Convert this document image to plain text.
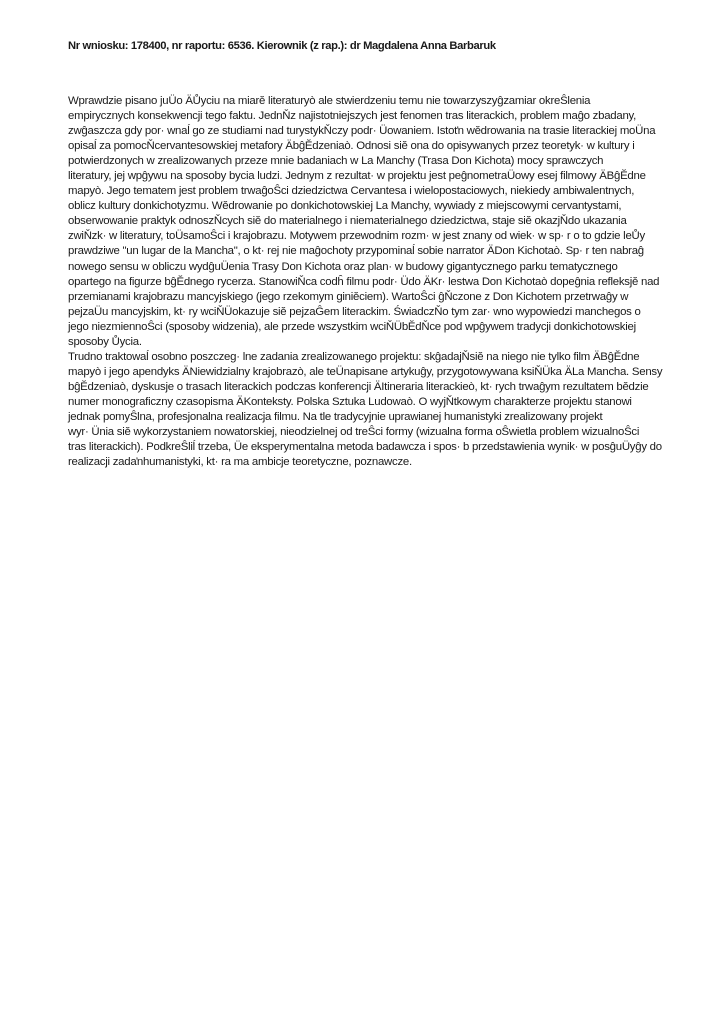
Nr wniosku: 178400, nr raportu: 6536. Kierownik (z rap.): dr Magdalena Anna Barbaruk
Wprawdzie pisano juÜo ÄŮyciu na miarĕ literaturyò ale stwierdzeniu temu nie towarzyszyĝzamiar okreŜlenia
empirycznych konsekwencji tego faktu. JednŇz najistotniejszych jest fenomen tras literackich, problem maĝo zbadany,
zwĝaszcza gdy por· wnaĺ go ze studiami nad turystykŇczy podr· Üowaniem. Istotŉ wĕdrowania na trasie literackiej moÜna
opisaĺ za pomocŇcervantesowskiej metafory ÄbĝĔdzeniaò. Odnosi siĕ ona do opisywanych przez teoretyk· w kultury i
potwierdzonych w zrealizowanych przeze mnie badaniach w La Manchy (Trasa Don Kichota) mocy sprawczych
literatury, jej wpĝywu na sposoby bycia ludzi. Jednym z rezultat· w projektu jest peĝnometraÜowy esej filmowy ÄBĝĔdne
mapyò. Jego tematem jest problem trwaĝoŜci dziedzictwa Cervantesa i wielopostaciowych, niekiedy ambiwalentnych,
oblicz kultury donkichotyzmu. Wĕdrowanie po donkichotowskiej La Manchy, wywiady z miejscowymi cervantystami,
obserwowanie praktyk odnoszŇcych siĕ do materialnego i niematerialnego dziedzictwa, staje siĕ okazjŇdo ukazania
zwiŇzk· w literatury, toÜsamoŜci i krajobrazu. Motywem przewodnim rozm· w jest znany od wiek· w sp· r o to gdzie leŮy
prawdziwe "un lugar de la Mancha", o kt· rej nie maĝochoty przypominaĺ sobie narrator ÄDon Kichotaò. Sp· r ten nabraĝ
nowego sensu w obliczu wydĝuÜenia Trasy Don Kichota oraz plan· w budowy gigantycznego parku tematycznego
opartego na figurze bĝĔdnego rycerza. StanowiŇca codĥ filmu podr· Üdo ÄKr· lestwa Don Kichotaò dopeĝnia refleksjĕ nad
przemianami krajobrazu mancyjskiego (jego rzekomym giniĕciem). WartoŜci ĝŇczone z Don Kichotem przetrwaĝy w
pejzaÜu mancyjskim, kt· ry wciŇÜokazuje siĕ pejzaĜem literackim. ŚwiadczŇo tym zar· wno wypowiedzi manchegos o
jego niezmiennoŜci (sposoby widzenia), ale przede wszystkim wciŇÜbĔdŇce pod wpĝywem tradycji donkichotowskiej
sposoby Ůycia.
Trudno traktowaĺ osobno poszczeg· lne zadania zrealizowanego projektu: skĝadajŇsiĕ na niego nie tylko film ÄBĝĔdne
mapyò i jego apendyks ÄNiewidzialny krajobrazò, ale teÜnapisane artykuĝy, przygotowywana ksiŇÜka ÄLa Mancha. Sensy
bĝĔdzeniaò, dyskusje o trasach literackich podczas konferencji ÄItineraria literackieò, kt· rych trwaĝym rezultatem bĕdzie
numer monograficzny czasopisma ÄKonteksty. Polska Sztuka Ludowaò. O wyjŇtkowym charakterze projektu stanowi
jednak pomyŜlna, profesjonalna realizacja filmu. Na tle tradycyjnie uprawianej humanistyki zrealizowany projekt
wyr· Ünia siĕ wykorzystaniem nowatorskiej, nieodzielnej od treŜci formy (wizualna forma oŜwietla problem wizualnoŜci
tras literackich). PodkreŜliĺ trzeba, Üe eksperymentalna metoda badawcza i spos· b przedstawienia wynik· w posĝuÜyĝy do
realizacji zadaŉhumanistyki, kt· ra ma ambicje teoretyczne, poznawcze.
